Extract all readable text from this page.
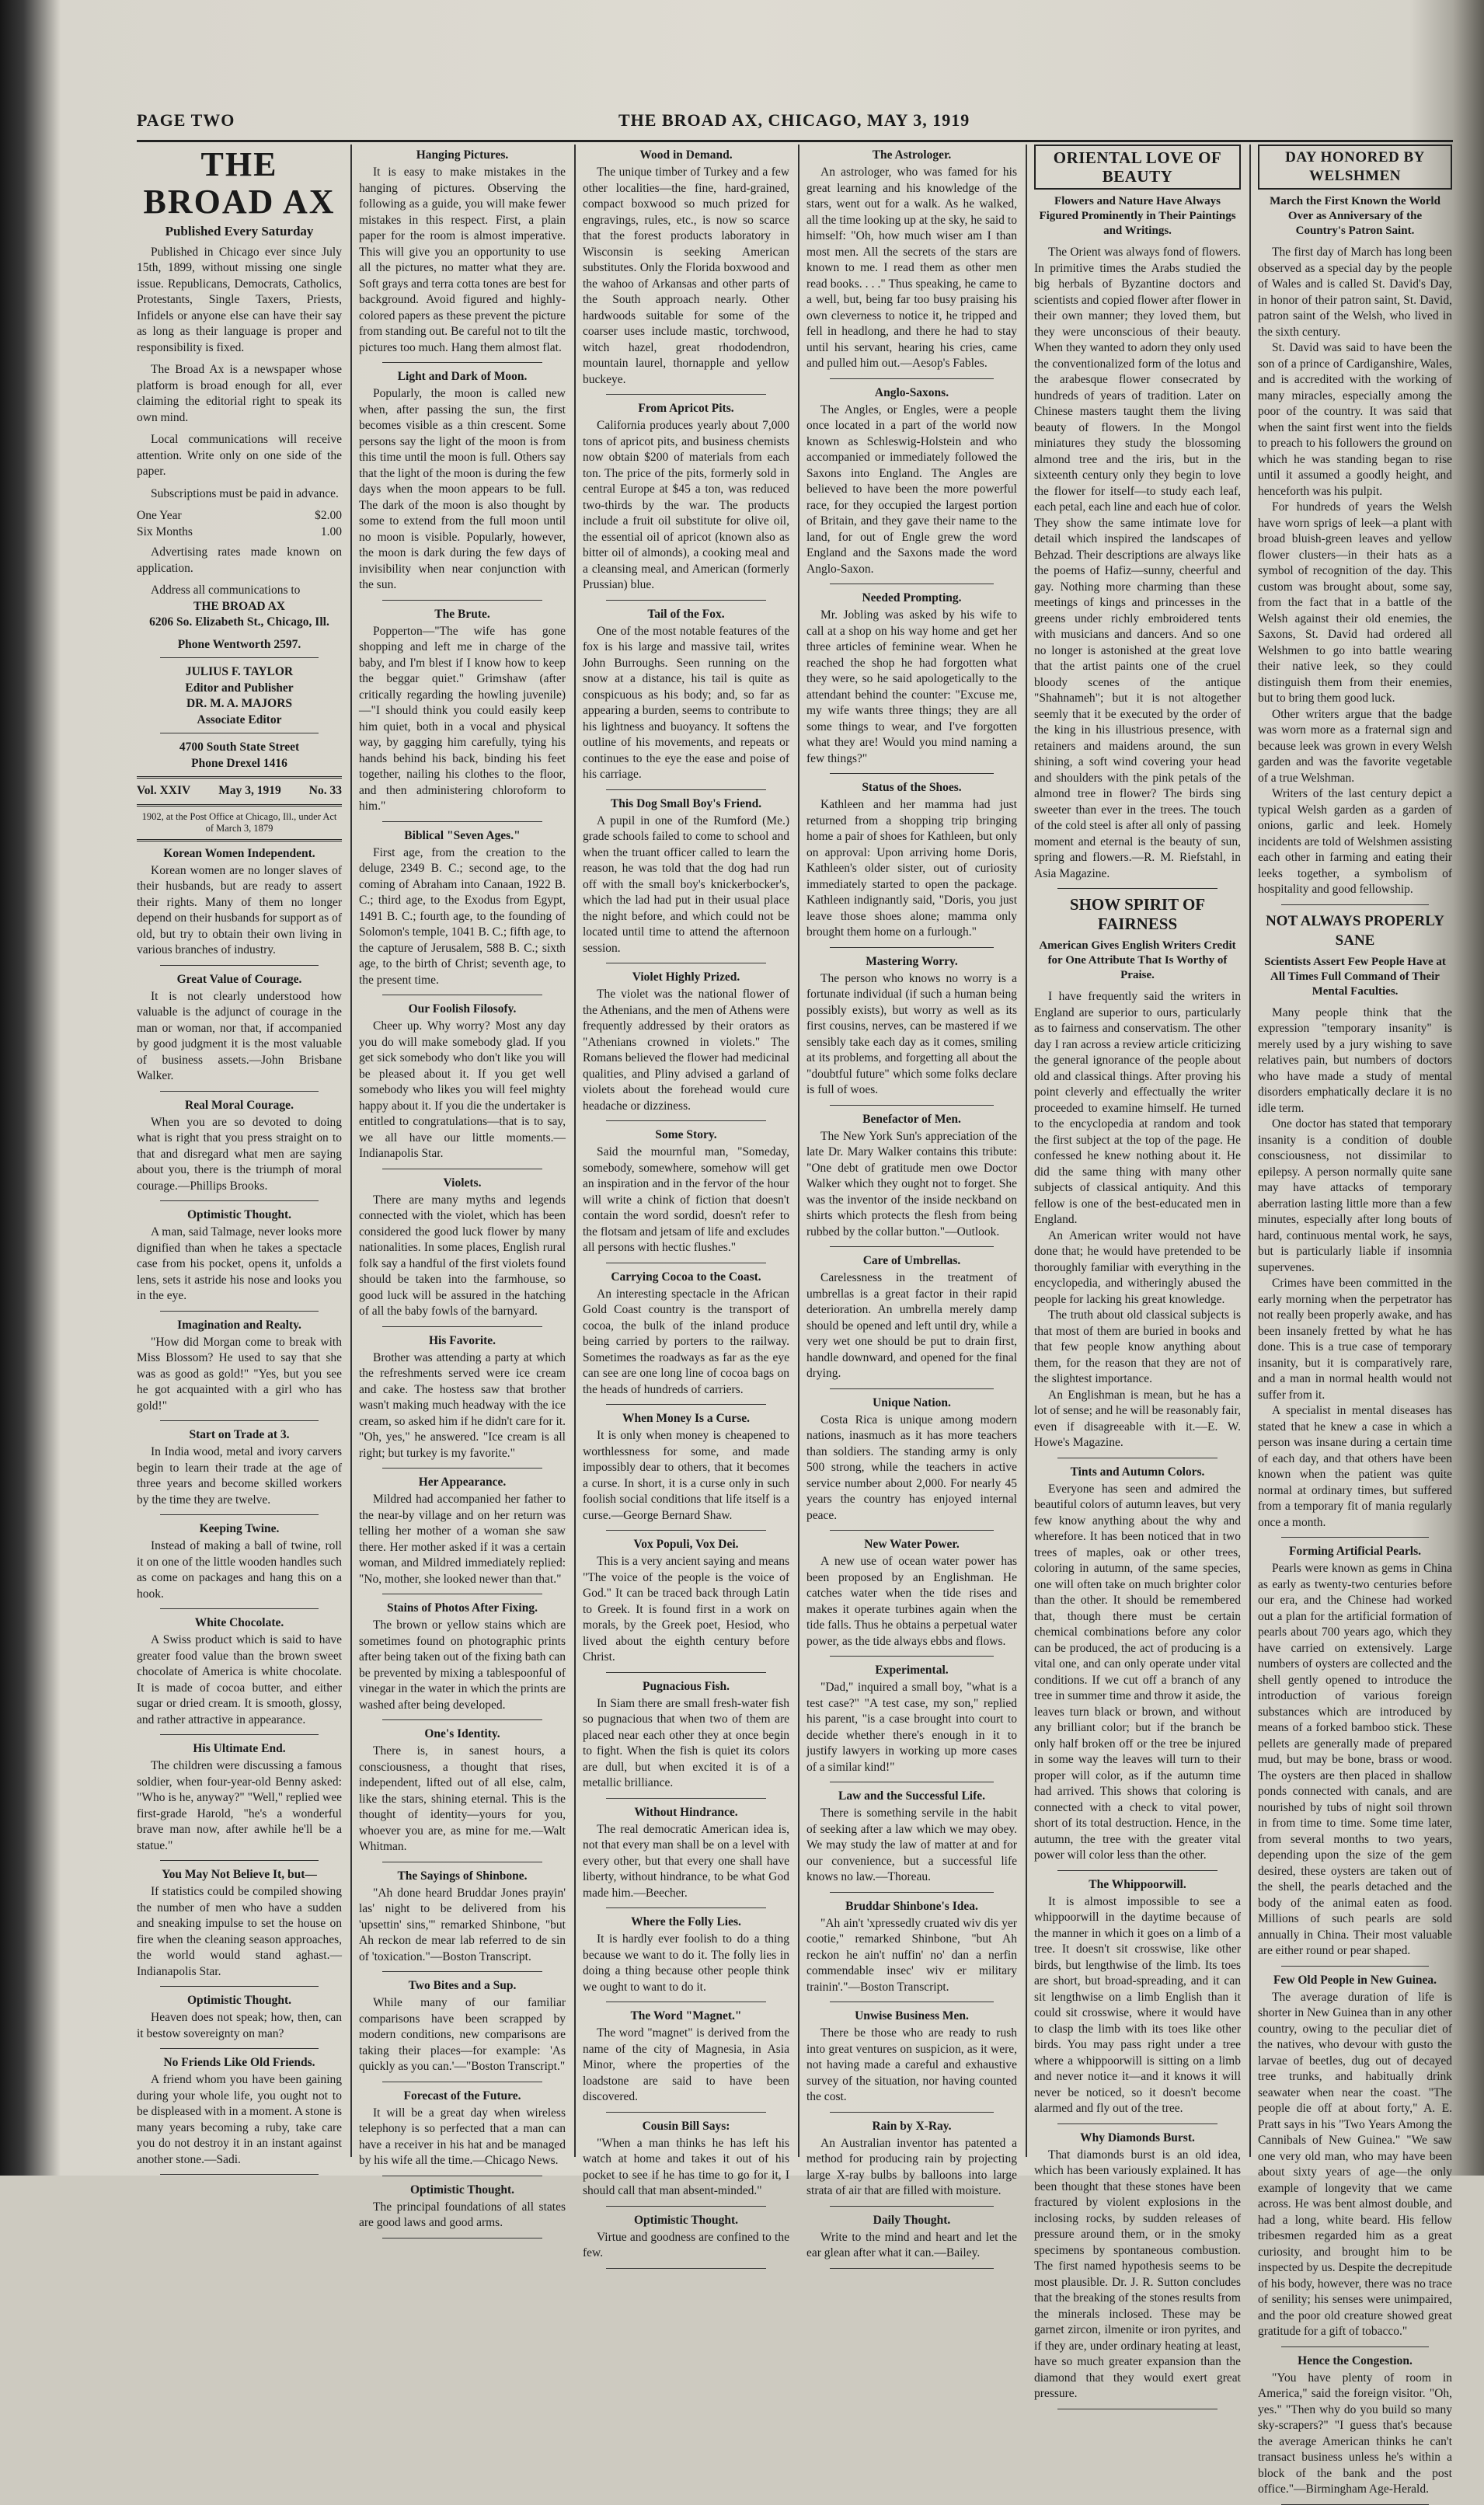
PAGE TWO	THE BROAD AX, CHICAGO, MAY 3, 1919
THE BROAD AX
Published Every Saturday

Published in Chicago ever since July 15th, 1899, without missing one single issue. Republicans, Democrats, Catholics, Protestants, Single Taxers, Priests, Infidels or anyone else can have their say as long as their language is proper and responsibility is fixed.

The Broad Ax is a newspaper whose platform is broad enough for all, ever claiming the editorial right to speak its own mind.

Local communications will receive attention. Write only on one side of the paper.

Subscriptions must be paid in advance.

One Year	$2.00
Six Months	1.00

Advertising rates made known on application.

Address all communications to

THE BROAD AX

6206 So. Elizabeth St., Chicago, Ill.

Phone Wentworth 2597.

JULIUS F. TAYLOR

Editor and Publisher

DR. M. A. MAJORS

Associate Editor

4700 South State Street

Phone Drexel 1416

Vol. XXIV May 3, 1919 No. 33
1902, at the Post Office at Chicago, Ill., under Act of March 3, 1879
Korean Women Independent.

Korean women are no longer slaves of their husbands, but are ready to assert their rights. Many of them no longer depend on their husbands for support as of old, but try to obtain their own living in various branches of industry.

Great Value of Courage.

It is not clearly understood how valuable is the adjunct of courage in the man or woman, nor that, if accompanied by good judgment it is the most valuable of business assets.—John Brisbane Walker.

Real Moral Courage.

When you are so devoted to doing what is right that you press straight on to that and disregard what men are saying about you, there is the triumph of moral courage.—Phillips Brooks.

Optimistic Thought.

A man, said Talmage, never looks more dignified than when he takes a spectacle case from his pocket, opens it, unfolds a lens, sets it astride his nose and looks you in the eye.

Imagination and Realty.

"How did Morgan come to break with Miss Blossom? He used to say that she was as good as gold!" "Yes, but you see he got acquainted with a girl who has gold!"

Start on Trade at 3.

In India wood, metal and ivory carvers begin to learn their trade at the age of three years and become skilled workers by the time they are twelve.

Keeping Twine.

Instead of making a ball of twine, roll it on one of the little wooden handles such as come on packages and hang this on a hook.

White Chocolate.

A Swiss product which is said to have greater food value than the brown sweet chocolate of America is white chocolate. It is made of cocoa butter, and either sugar or dried cream. It is smooth, glossy, and rather attractive in appearance.

His Ultimate End.

The children were discussing a famous soldier, when four-year-old Benny asked: "Who is he, anyway?" "Well," replied wee first-grade Harold, "he's a wonderful brave man now, after awhile he'll be a statue."

You May Not Believe It, but—

If statistics could be compiled showing the number of men who have a sudden and sneaking impulse to set the house on fire when the cleaning season approaches, the world would stand aghast.—Indianapolis Star.

Optimistic Thought.

Heaven does not speak; how, then, can it bestow sovereignty on man?

No Friends Like Old Friends.

A friend whom you have been gaining during your whole life, you ought not to be displeased with in a moment. A stone is many years becoming a ruby, take care you do not destroy it in an instant against another stone.—Sadi.

Hanging Pictures.

It is easy to make mistakes in the hanging of pictures. Observing the following as a guide, you will make fewer mistakes in this respect. First, a plain paper for the room is almost imperative. This will give you an opportunity to use all the pictures, no matter what they are. Soft grays and terra cotta tones are best for background. Avoid figured and highly-colored papers as these prevent the picture from standing out. Be careful not to tilt the pictures too much. Hang them almost flat.

Light and Dark of Moon.

Popularly, the moon is called new when, after passing the sun, the first becomes visible as a thin crescent. Some persons say the light of the moon is from this time until the moon is full. Others say that the light of the moon is during the few days when the moon appears to be full. The dark of the moon is also thought by some to extend from the full moon until no moon is visible. Popularly, however, the moon is dark during the few days of invisibility when near conjunction with the sun.

The Brute.

Popperton—"The wife has gone shopping and left me in charge of the baby, and I'm blest if I know how to keep the beggar quiet." Grimshaw (after critically regarding the howling juvenile)—"I should think you could easily keep him quiet, both in a vocal and physical way, by gagging him carefully, tying his hands behind his back, binding his feet together, nailing his clothes to the floor, and then administering chloroform to him."

Biblical "Seven Ages."

First age, from the creation to the deluge, 2349 B. C.; second age, to the coming of Abraham into Canaan, 1922 B. C.; third age, to the Exodus from Egypt, 1491 B. C.; fourth age, to the founding of Solomon's temple, 1041 B. C.; fifth age, to the capture of Jerusalem, 588 B. C.; sixth age, to the birth of Christ; seventh age, to the present time.

Our Foolish Filosofy.

Cheer up. Why worry? Most any day you do will make somebody glad. If you get sick somebody who don't like you will be pleased about it. If you get well somebody who likes you will feel mighty happy about it. If you die the undertaker is entitled to congratulations—that is to say, we all have our little moments.—Indianapolis Star.

Violets.

There are many myths and legends connected with the violet, which has been considered the good luck flower by many nationalities. In some places, English rural folk say a handful of the first violets found should be taken into the farmhouse, so good luck will be assured in the hatching of all the baby fowls of the barnyard.

His Favorite.

Brother was attending a party at which the refreshments served were ice cream and cake. The hostess saw that brother wasn't making much headway with the ice cream, so asked him if he didn't care for it. "Oh, yes," he answered. "Ice cream is all right; but turkey is my favorite."

Her Appearance.

Mildred had accompanied her father to the near-by village and on her return was telling her mother of a woman she saw there. Her mother asked if it was a certain woman, and Mildred immediately replied: "No, mother, she looked newer than that."

Stains of Photos After Fixing.

The brown or yellow stains which are sometimes found on photographic prints after being taken out of the fixing bath can be prevented by mixing a tablespoonful of vinegar in the water in which the prints are washed after being developed.

One's Identity.

There is, in sanest hours, a consciousness, a thought that rises, independent, lifted out of all else, calm, like the stars, shining eternal. This is the thought of identity—yours for you, whoever you are, as mine for me.—Walt Whitman.

The Sayings of Shinbone.

"Ah done heard Bruddar Jones prayin' las' night to be delivered from his 'upsettin' sins,'" remarked Shinbone, "but Ah reckon de mear lab referred to de sin of 'toxication."—Boston Transcript.

Two Bites and a Sup.

While many of our familiar comparisons have been scrapped by modern conditions, new comparisons are taking their places—for example: 'As quickly as you can.'—"Boston Transcript."

Forecast of the Future.

It will be a great day when wireless telephony is so perfected that a man can have a receiver in his hat and be managed by his wife all the time.—Chicago News.

Optimistic Thought.

The principal foundations of all states are good laws and good arms.

Wood in Demand.

The unique timber of Turkey and a few other localities—the fine, hard-grained, compact boxwood so much prized for engravings, rules, etc., is now so scarce that the forest products laboratory in Wisconsin is seeking American substitutes. Only the Florida boxwood and the wahoo of Arkansas and other parts of the South approach nearly. Other hardwoods suitable for some of the coarser uses include mastic, torchwood, witch hazel, great rhododendron, mountain laurel, thornapple and yellow buckeye.

From Apricot Pits.

California produces yearly about 7,000 tons of apricot pits, and business chemists now obtain $200 of materials from each ton. The price of the pits, formerly sold in central Europe at $45 a ton, was reduced two-thirds by the war. The products include a fruit oil substitute for olive oil, the essential oil of apricot (known also as bitter oil of almonds), a cooking meal and a cleansing meal, and American (formerly Prussian) blue.

Tail of the Fox.

One of the most notable features of the fox is his large and massive tail, writes John Burroughs. Seen running on the snow at a distance, his tail is quite as conspicuous as his body; and, so far as appearing a burden, seems to contribute to his lightness and buoyancy. It softens the outline of his movements, and repeats or continues to the eye the ease and poise of his carriage.

This Dog Small Boy's Friend.

A pupil in one of the Rumford (Me.) grade schools failed to come to school and when the truant officer called to learn the reason, he was told that the dog had run off with the small boy's knickerbocker's, which the lad had put in their usual place the night before, and which could not be located until time to attend the afternoon session.

Violet Highly Prized.

The violet was the national flower of the Athenians, and the men of Athens were frequently addressed by their orators as "Athenians crowned in violets." The Romans believed the flower had medicinal qualities, and Pliny advised a garland of violets about the forehead would cure headache or dizziness.

Some Story.

Said the mournful man, "Someday, somebody, somewhere, somehow will get an inspiration and in the fervor of the hour will write a chink of fiction that doesn't contain the word sordid, doesn't refer to the flotsam and jetsam of life and excludes all persons with hectic flushes."

Carrying Cocoa to the Coast.

An interesting spectacle in the African Gold Coast country is the transport of cocoa, the bulk of the inland produce being carried by porters to the railway. Sometimes the roadways as far as the eye can see are one long line of cocoa bags on the heads of hundreds of carriers.

When Money Is a Curse.

It is only when money is cheapened to worthlessness for some, and made impossibly dear to others, that it becomes a curse. In short, it is a curse only in such foolish social conditions that life itself is a curse.—George Bernard Shaw.

Vox Populi, Vox Dei.

This is a very ancient saying and means "The voice of the people is the voice of God." It can be traced back through Latin to Greek. It is found first in a work on morals, by the Greek poet, Hesiod, who lived about the eighth century before Christ.

Pugnacious Fish.

In Siam there are small fresh-water fish so pugnacious that when two of them are placed near each other they at once begin to fight. When the fish is quiet its colors are dull, but when excited it is of a metallic brilliance.

Without Hindrance.

The real democratic American idea is, not that every man shall be on a level with every other, but that every one shall have liberty, without hindrance, to be what God made him.—Beecher.

Where the Folly Lies.

It is hardly ever foolish to do a thing because we want to do it. The folly lies in doing a thing because other people think we ought to want to do it.

The Word "Magnet."

The word "magnet" is derived from the name of the city of Magnesia, in Asia Minor, where the properties of the loadstone are said to have been discovered.

Cousin Bill Says:

"When a man thinks he has left his watch at home and takes it out of his pocket to see if he has time to go for it, I should call that man absent-minded."

Optimistic Thought.

Virtue and goodness are confined to the few.

The Astrologer.

An astrologer, who was famed for his great learning and his knowledge of the stars, went out for a walk. As he walked, all the time looking up at the sky, he said to himself: "Oh, how much wiser am I than most men. All the secrets of the stars are known to me. I read them as other men read books. . . ." Thus speaking, he came to a well, but, being far too busy praising his own cleverness to notice it, he tripped and fell in headlong, and there he had to stay until his servant, hearing his cries, came and pulled him out.—Aesop's Fables.

Anglo-Saxons.

The Angles, or Engles, were a people once located in a part of the world now known as Schleswig-Holstein and who accompanied or immediately followed the Saxons into England. The Angles are believed to have been the more powerful race, for they occupied the largest portion of Britain, and they gave their name to the land, for out of Engle grew the word England and the Saxons made the word Anglo-Saxon.

Needed Prompting.

Mr. Jobling was asked by his wife to call at a shop on his way home and get her three articles of feminine wear. When he reached the shop he had forgotten what they were, so he said apologetically to the attendant behind the counter: "Excuse me, my wife wants three things; they are all some things to wear, and I've forgotten what they are! Would you mind naming a few things?"

Status of the Shoes.

Kathleen and her mamma had just returned from a shopping trip bringing home a pair of shoes for Kathleen, but only on approval: Upon arriving home Doris, Kathleen's older sister, out of curiosity immediately started to open the package. Kathleen indignantly said, "Doris, you just leave those shoes alone; mamma only brought them home on a furlough."

Mastering Worry.

The person who knows no worry is a fortunate individual (if such a human being possibly exists), but worry as well as its first cousins, nerves, can be mastered if we sensibly take each day as it comes, smiling at its problems, and forgetting all about the "doubtful future" which some folks declare is full of woes.

Benefactor of Men.

The New York Sun's appreciation of the late Dr. Mary Walker contains this tribute: "One debt of gratitude men owe Doctor Walker which they ought not to forget. She was the inventor of the inside neckband on shirts which protects the flesh from being rubbed by the collar button."—Outlook.

Care of Umbrellas.

Carelessness in the treatment of umbrellas is a great factor in their rapid deterioration. An umbrella merely damp should be opened and left until dry, while a very wet one should be put to drain first, handle downward, and opened for the final drying.

Unique Nation.

Costa Rica is unique among modern nations, inasmuch as it has more teachers than soldiers. The standing army is only 500 strong, while the teachers in active service number about 2,000. For nearly 45 years the country has enjoyed internal peace.

New Water Power.

A new use of ocean water power has been proposed by an Englishman. He catches water when the tide rises and makes it operate turbines again when the tide falls. Thus he obtains a perpetual water power, as the tide always ebbs and flows.

Experimental.

"Dad," inquired a small boy, "what is a test case?" "A test case, my son," replied his parent, "is a case brought into court to decide whether there's enough in it to justify lawyers in working up more cases of a similar kind!"

Law and the Successful Life.

There is something servile in the habit of seeking after a law which we may obey. We may study the law of matter at and for our convenience, but a successful life knows no law.—Thoreau.

Bruddar Shinbone's Idea.

"Ah ain't 'xpressedly cruated wiv dis yer cootie," remarked Shinbone, "but Ah reckon he ain't nuffin' no' dan a nerfin commendable insec' wiv er military trainin'."—Boston Transcript.

Unwise Business Men.

There be those who are ready to rush into great ventures on suspicion, as it were, not having made a careful and exhaustive survey of the situation, nor having counted the cost.

Rain by X-Ray.

An Australian inventor has patented a method for producing rain by projecting large X-ray bulbs by balloons into large strata of air that are filled with moisture.

Daily Thought.

Write to the mind and heart and let the ear glean after what it can.—Bailey.

ORIENTAL LOVE OF BEAUTY
Flowers and Nature Have Always Figured Prominently in Their Paintings and Writings.

The Orient was always fond of flowers. In primitive times the Arabs studied the big herbals of Byzantine doctors and scientists and copied flower after flower in their own manner; they loved them, but they were unconscious of their beauty. When they wanted to adorn they only used the conventionalized form of the lotus and the arabesque flower consecrated by hundreds of years of tradition. Later on Chinese masters taught them the living beauty of flowers. In the Mongol miniatures they study the blossoming almond tree and the iris, but in the sixteenth century only they begin to love the flower for itself—to study each leaf, each petal, each line and each hue of color. They show the same intimate love for detail which inspired the landscapes of Behzad. Their descriptions are always like the poems of Hafiz—sunny, cheerful and gay. Nothing more charming than these meetings of kings and princesses in the greens under richly embroidered tents with musicians and dancers. And so one no longer is astonished at the great love that the artist paints one of the cruel bloody scenes of the antique "Shahnameh"; but it is not altogether seemly that it be executed by the order of the king in his illustrious presence, with retainers and maidens around, the sun shining, a soft wind covering your head and shoulders with the pink petals of the almond tree in flower? The birds sing sweeter than ever in the trees. The touch of the cold steel is after all only of passing moment and eternal is the beauty of sun, spring and flowers.—R. M. Riefstahl, in Asia Magazine.

SHOW SPIRIT OF FAIRNESS
American Gives English Writers Credit for One Attribute That Is Worthy of Praise.

I have frequently said the writers in England are superior to ours, particularly as to fairness and conservatism. The other day I ran across a review article criticizing the general ignorance of the people about old and classical things. After proving his point cleverly and effectually the writer proceeded to examine himself. He turned to the encyclopedia at random and took the first subject at the top of the page. He confessed he knew nothing about it. He did the same thing with many other subjects of classical antiquity. And this fellow is one of the best-educated men in England.

An American writer would not have done that; he would have pretended to be thoroughly familiar with everything in the encyclopedia, and witheringly abused the people for lacking his great knowledge.

The truth about old classical subjects is that most of them are buried in books and that few people know anything about them, for the reason that they are not of the slightest importance.

An Englishman is mean, but he has a lot of sense; and he will be reasonably fair, even if disagreeable with it.—E. W. Howe's Magazine.

Tints and Autumn Colors.

Everyone has seen and admired the beautiful colors of autumn leaves, but very few know anything about the why and wherefore. It has been noticed that in two trees of maples, oak or other trees, coloring in autumn, of the same species, one will often take on much brighter color than the other. It should be remembered that, though there must be certain chemical combinations before any color can be produced, the act of producing is a vital one, and can only operate under vital conditions. If we cut off a branch of any tree in summer time and throw it aside, the leaves turn black or brown, and without any brilliant color; but if the branch be only half broken off or the tree be injured in some way the leaves will turn to their proper will color, as if the autumn time had arrived. This shows that coloring is connected with a check to vital power, short of its total destruction. Hence, in the autumn, the tree with the greater vital power will color less than the other.

The Whippoorwill.

It is almost impossible to see a whippoorwill in the daytime because of the manner in which it goes on a limb of a tree. It doesn't sit crosswise, like other birds, but lengthwise of the limb. Its toes are short, but broad-spreading, and it can sit lengthwise on a limb English than it could sit crosswise, where it would have to clasp the limb with its toes like other birds. You may pass right under a tree where a whippoorwill is sitting on a limb and never notice it—and it knows it will never be noticed, so it doesn't become alarmed and fly out of the tree.

Why Diamonds Burst.

That diamonds burst is an old idea, which has been variously explained. It has been thought that these stones have been fractured by violent explosions in the inclosing rocks, by sudden releases of pressure around them, or in the smoky specimens by spontaneous combustion. The first named hypothesis seems to be most plausible. Dr. J. R. Sutton concludes that the breaking of the stones results from the minerals inclosed. These may be garnet zircon, ilmenite or iron pyrites, and if they are, under ordinary heating at least, have so much greater expansion than the diamond that they would exert great pressure.

DAY HONORED BY WELSHMEN
March the First Known the World Over as Anniversary of the Country's Patron Saint.

The first day of March has long been observed as a special day by the people of Wales and is called St. David's Day, in honor of their patron saint, St. David, patron saint of the Welsh, who lived in the sixth century.

St. David was said to have been the son of a prince of Cardiganshire, Wales, and is accredited with the working of many miracles, especially among the poor of the country. It was said that when the saint first went into the fields to preach to his followers the ground on which he was standing began to rise until it assumed a goodly height, and henceforth was his pulpit.

For hundreds of years the Welsh have worn sprigs of leek—a plant with broad bluish-green leaves and yellow flower clusters—in their hats as a symbol of recognition of the day. This custom was brought about, some say, from the fact that in a battle of the Welsh against their old enemies, the Saxons, St. David had ordered all Welshmen to go into battle wearing their native leek, so they could distinguish them from their enemies, but to bring them good luck.

Other writers argue that the badge was worn more as a fraternal sign and because leek was grown in every Welsh garden and was the favorite vegetable of a true Welshman.

Writers of the last century depict a typical Welsh garden as a garden of onions, garlic and leek. Homely incidents are told of Welshmen assisting each other in farming and eating their leeks together, a symbolism of hospitality and good fellowship.

NOT ALWAYS PROPERLY SANE
Scientists Assert Few People Have at All Times Full Command of Their Mental Faculties.

Many people think that the expression "temporary insanity" is merely used by a jury wishing to save relatives pain, but numbers of doctors who have made a study of mental disorders emphatically declare it is no idle term.

One doctor has stated that temporary insanity is a condition of double consciousness, not dissimilar to epilepsy. A person normally quite sane may have attacks of temporary aberration lasting little more than a few minutes, especially after long bouts of hard, continuous mental work, he says, but is particularly liable if insomnia supervenes.

Crimes have been committed in the early morning when the perpetrator has not really been properly awake, and has been insanely fretted by what he has done. This is a true case of temporary insanity, but it is comparatively rare, and a man in normal health would not suffer from it.

A specialist in mental diseases has stated that he knew a case in which a person was insane during a certain time of each day, and that others have been known when the patient was quite normal at ordinary times, but suffered from a temporary fit of mania regularly once a month.

Forming Artificial Pearls.

Pearls were known as gems in China as early as twenty-two centuries before our era, and the Chinese had worked out a plan for the artificial formation of pearls about 700 years ago, which they have carried on extensively. Large numbers of oysters are collected and the shell gently opened to introduce the introduction of various foreign substances which are introduced by means of a forked bamboo stick. These pellets are generally made of prepared mud, but may be bone, brass or wood. The oysters are then placed in shallow ponds connected with canals, and are nourished by tubs of night soil thrown in from time to time. Some time later, from several months to two years, depending upon the size of the gem desired, these oysters are taken out of the shell, the pearls detached and the body of the animal eaten as food. Millions of such pearls are sold annually in China. Their most valuable are either round or pear shaped.

Few Old People in New Guinea.

The average duration of life is shorter in New Guinea than in any other country, owing to the peculiar diet of the natives, who devour with gusto the larvae of beetles, dug out of decayed tree trunks, and habitually drink seawater when near the coast. "The people die off at about forty," A. E. Pratt says in his "Two Years Among the Cannibals of New Guinea." "We saw one very old man, who may have been about sixty years of age—the only example of longevity that we came across. He was bent almost double, and had a long, white beard. His fellow tribesmen regarded him as a great curiosity, and brought him to be inspected by us. Despite the decrepitude of his body, however, there was no trace of senility; his senses were unimpaired, and the poor old creature showed great gratitude for a gift of tobacco."

Hence the Congestion.

"You have plenty of room in America," said the foreign visitor. "Oh, yes." "Then why do you build so many sky-scrapers?" "I guess that's because the average American thinks he can't transact business unless he's within a block of the bank and the post office."—Birmingham Age-Herald.
